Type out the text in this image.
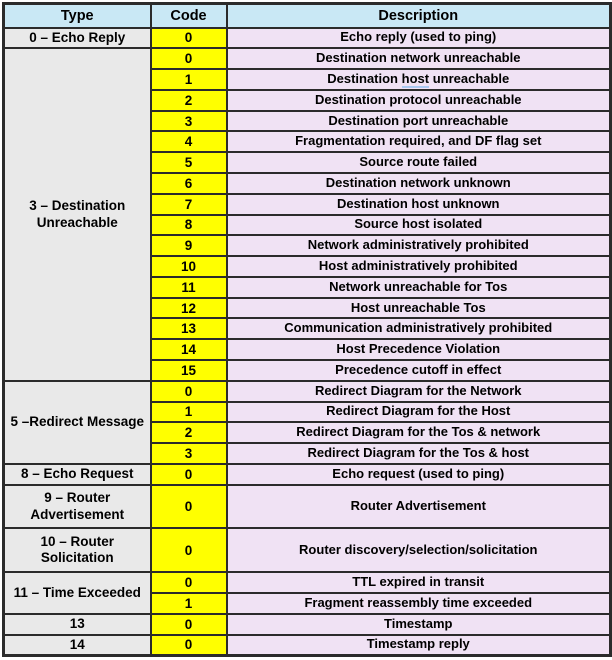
Type	Code	Description
0 – Echo Reply	0	Echo reply (used to ping)
3 – Destination Unreachable	0	Destination network unreachable
	1	Destination host unreachable
	2	Destination protocol unreachable
	3	Destination port unreachable
	4	Fragmentation required, and DF flag set
	5	Source route failed
	6	Destination network unknown
	7	Destination host unknown
	8	Source host isolated
	9	Network administratively prohibited
	10	Host administratively prohibited
	11	Network unreachable for Tos
	12	Host unreachable Tos
	13	Communication administratively prohibited
	14	Host Precedence Violation
	15	Precedence cutoff in effect
5 –Redirect Message	0	Redirect Diagram for the Network
	1	Redirect Diagram for the Host
	2	Redirect Diagram for the Tos & network
	3	Redirect Diagram for the Tos & host
8 – Echo Request	0	Echo request (used to ping)
9 – Router Advertisement	0	Router Advertisement
10 – Router Solicitation	0	Router discovery/selection/solicitation
11 – Time Exceeded	0	TTL expired in transit
	1	Fragment reassembly time exceeded
13	0	Timestamp
14	0	Timestamp reply
